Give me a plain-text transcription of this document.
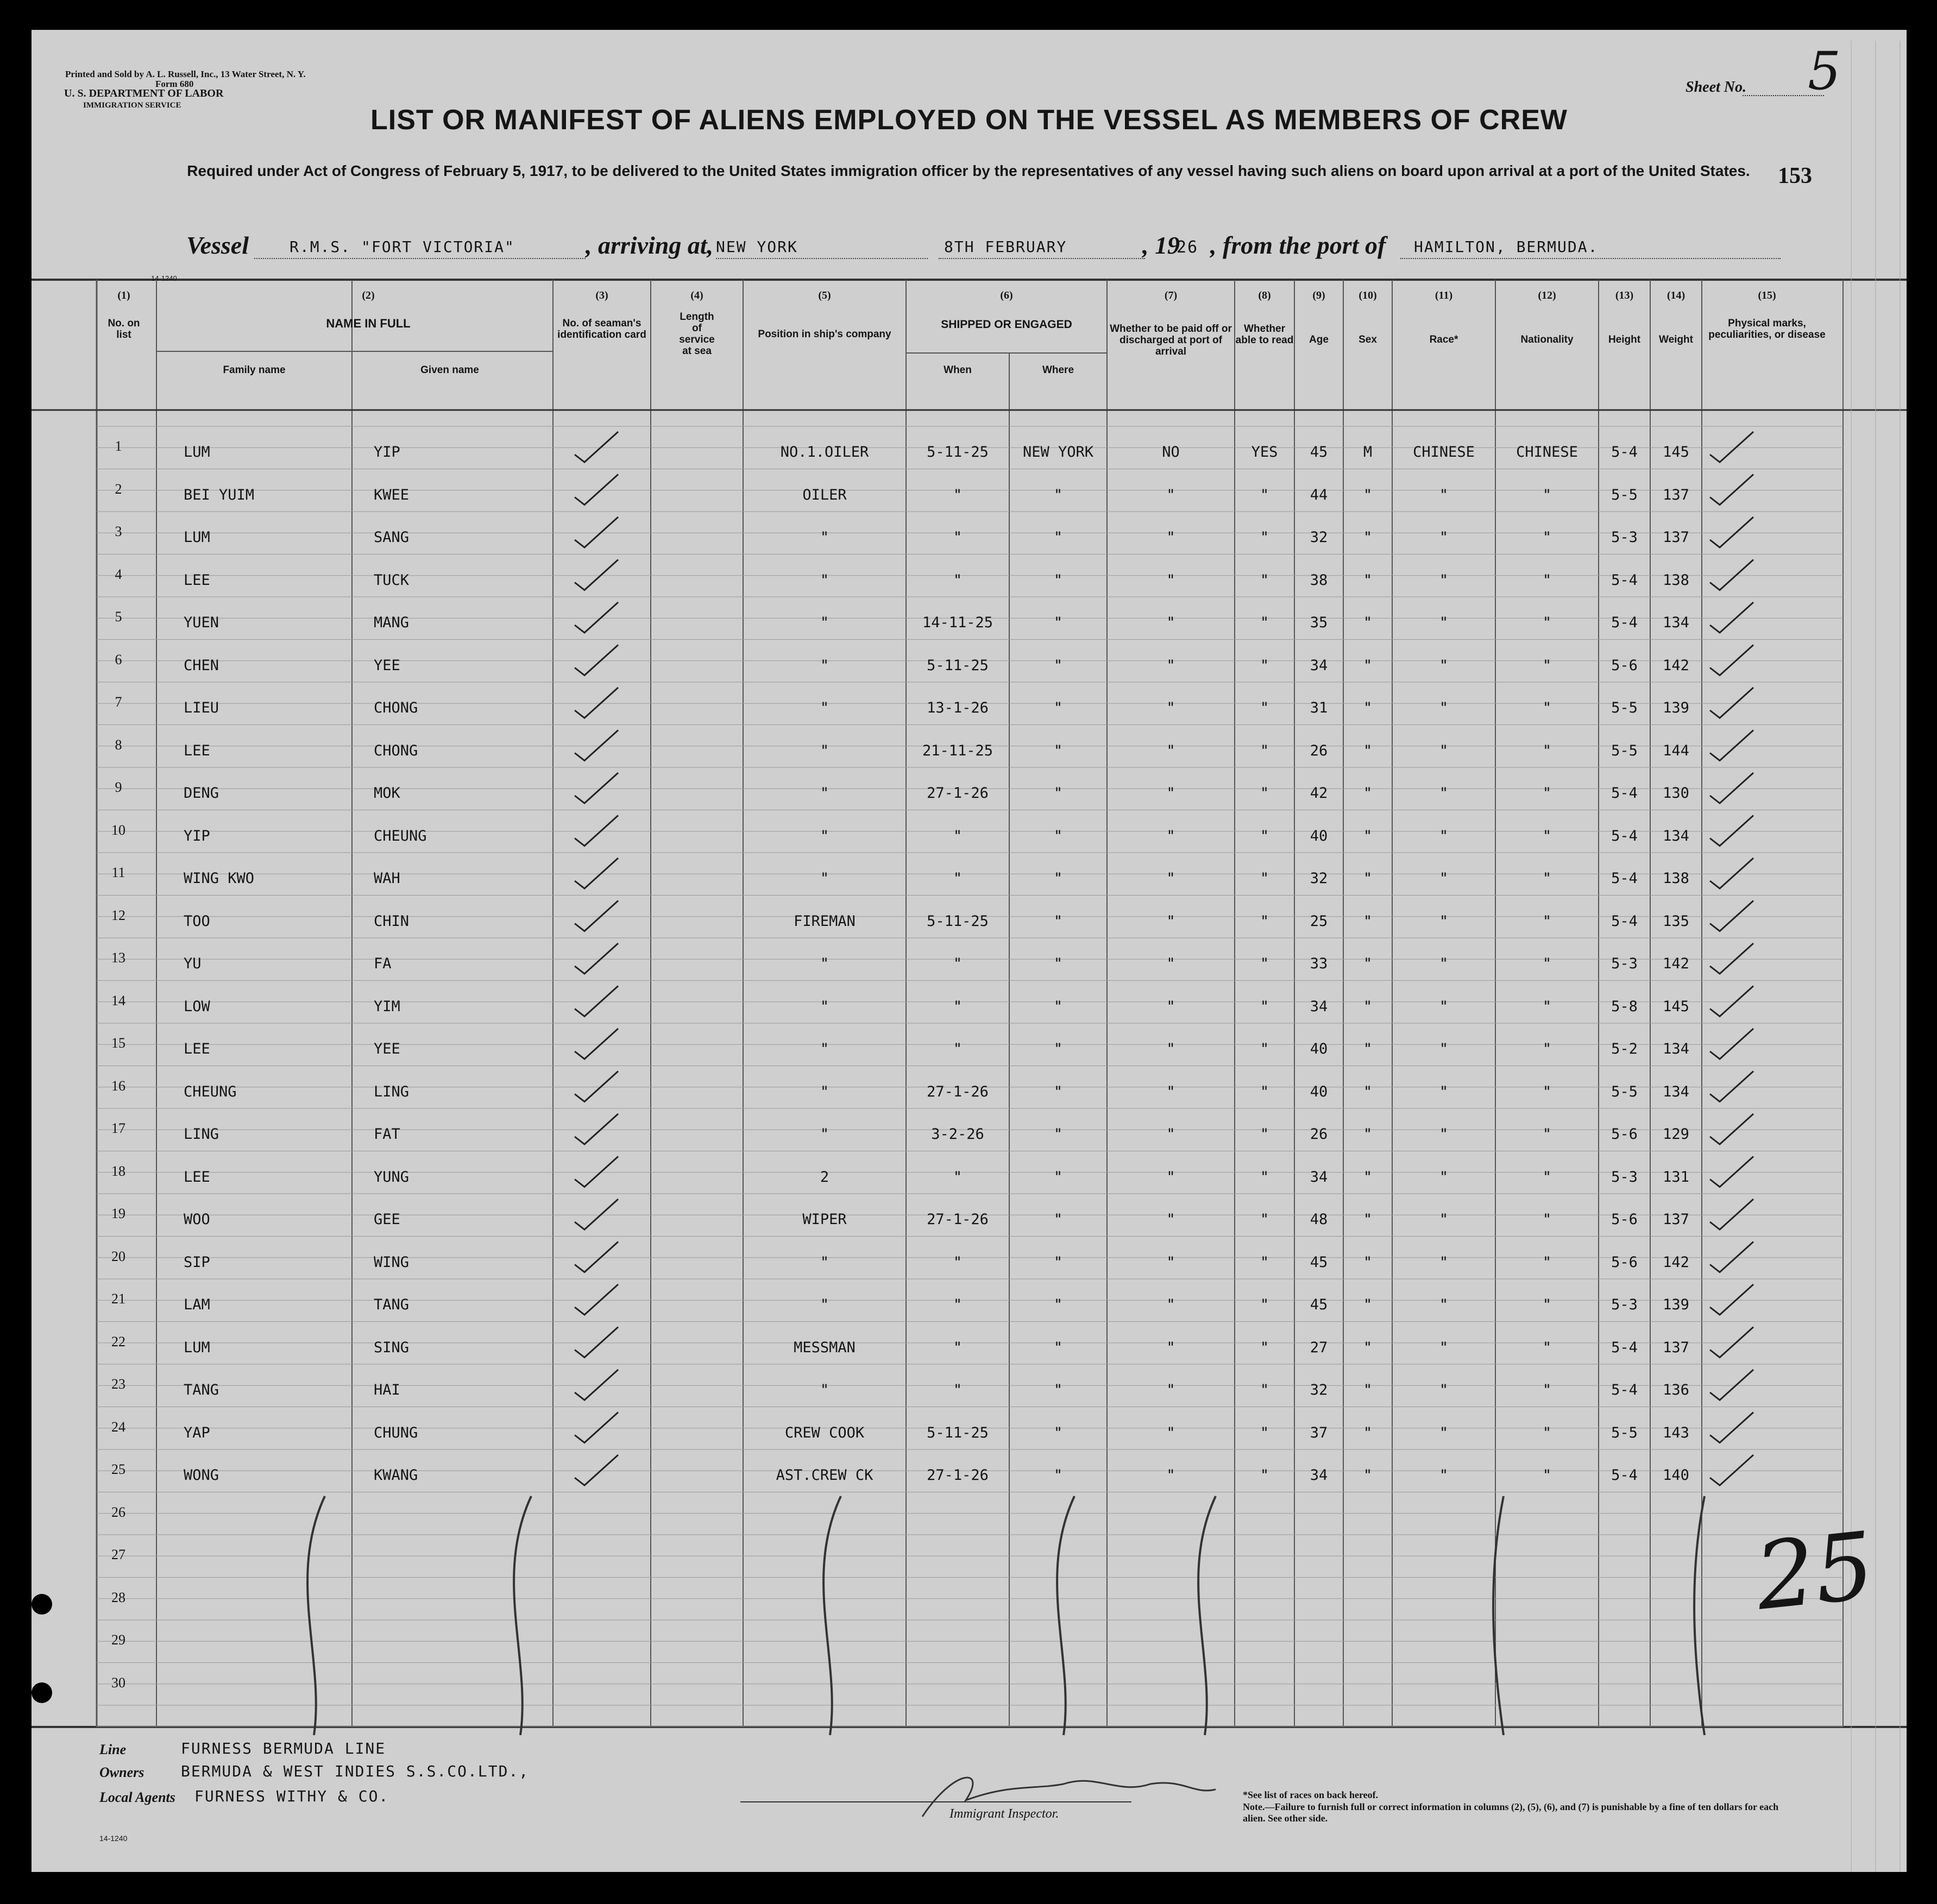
Printed and Sold by A. L. Russell, Inc., 13 Water Street, N. Y.
Form 680
U. S. DEPARTMENT OF LABOR
IMMIGRATION SERVICE
Sheet No. 5
LIST OR MANIFEST OF ALIENS EMPLOYED ON THE VESSEL AS MEMBERS OF CREW
Required under Act of Congress of February 5, 1917, to be delivered to the United States immigration officer by the representatives of any vessel having such aliens on board upon arrival at a port of the United States.	153
Vessel	R.M.S. "FORT VICTORIA"	, arriving at, NEW YORK	8TH FEBRUARY	, 19
26 , from the port of HAMILTON, BERMUDA.
14-1240
(1)
No. on list
(2)
NAME IN FULL
Family name	Given name
(3)
No. of seaman's identification card
(4)
Length of service at sea
(5)
Position in ship's company
(6)
SHIPPED OR ENGAGED
When	Where
(7)
Whether to be paid off or discharged at port of arrival
(8)
Whether able to read
(9)
Age
(10)
Sex
(11)
Race*
(12)
Nationality
(13)
Height
(14)
Weight
(15)
Physical marks, peculiarities, or disease
1	LUM	YIP	NO.1.OILER	5-11-25	NEW YORK	NO	YES	45	M	CHINESE	CHINESE	5-4	145
2	BEI YUIM	KWEE	OILER	"	"	"	"	44	"	"	"	5-5	137
3	LUM	SANG	"	"	"	"	"	32	"	"	"	5-3	137
4	LEE	TUCK	"	"	"	"	"	38	"	"	"	5-4	138
5	YUEN	MANG	"	14-11-25	"	"	"	35	"	"	"	5-4	134
6	CHEN	YEE	"	5-11-25	"	"	"	34	"	"	"	5-6	142
7	LIEU	CHONG	"	13-1-26	"	"	"	31	"	"	"	5-5	139
8	LEE	CHONG	"	21-11-25	"	"	"	26	"	"	"	5-5	144
9	DENG	MOK	"	27-1-26	"	"	"	42	"	"	"	5-4	130
10	YIP	CHEUNG	"	"	"	"	"	40	"	"	"	5-4	134
11	WING KWO	WAH	"	"	"	"	"	32	"	"	"	5-4	138
12	TOO	CHIN	FIREMAN	5-11-25	"	"	"	25	"	"	"	5-4	135
13	YU	FA	"	"	"	"	"	33	"	"	"	5-3	142
14	LOW	YIM	"	"	"	"	"	34	"	"	"	5-8	145
15	LEE	YEE	"	"	"	"	"	40	"	"	"	5-2	134
16	CHEUNG	LING	"	27-1-26	"	"	"	40	"	"	"	5-5	134
17	LING	FAT	"	3-2-26	"	"	"	26	"	"	"	5-6	129
18	LEE	YUNG	2	"	"	"	"	34	"	"	"	5-3	131
19	WOO	GEE	WIPER	27-1-26	"	"	"	48	"	"	"	5-6	137
20	SIP	WING	"	"	"	"	"	45	"	"	"	5-6	142
21	LAM	TANG	"	"	"	"	"	45	"	"	"	5-3	139
22	LUM	SING	MESSMAN	"	"	"	"	27	"	"	"	5-4	137
23	TANG	HAI	"	"	"	"	"	32	"	"	"	5-4	136
24	YAP	CHUNG	CREW COOK	5-11-25	"	"	"	37	"	"	"	5-5	143
25	WONG	KWANG	AST.CREW CK	27-1-26	"	"	"	34	"	"	"	5-4	140
26
27
28
29
30
25
Line	FURNESS BERMUDA LINE
Owners BERMUDA & WEST INDIES S.S.CO.LTD.,
Local Agents FURNESS WITHY & CO.
14-1240
Immigrant Inspector.
*See list of races on back hereof.
Note.—Failure to furnish full or correct information in columns (2), (5), (6), and (7) is punishable by a fine of ten dollars for each alien. See other side.
